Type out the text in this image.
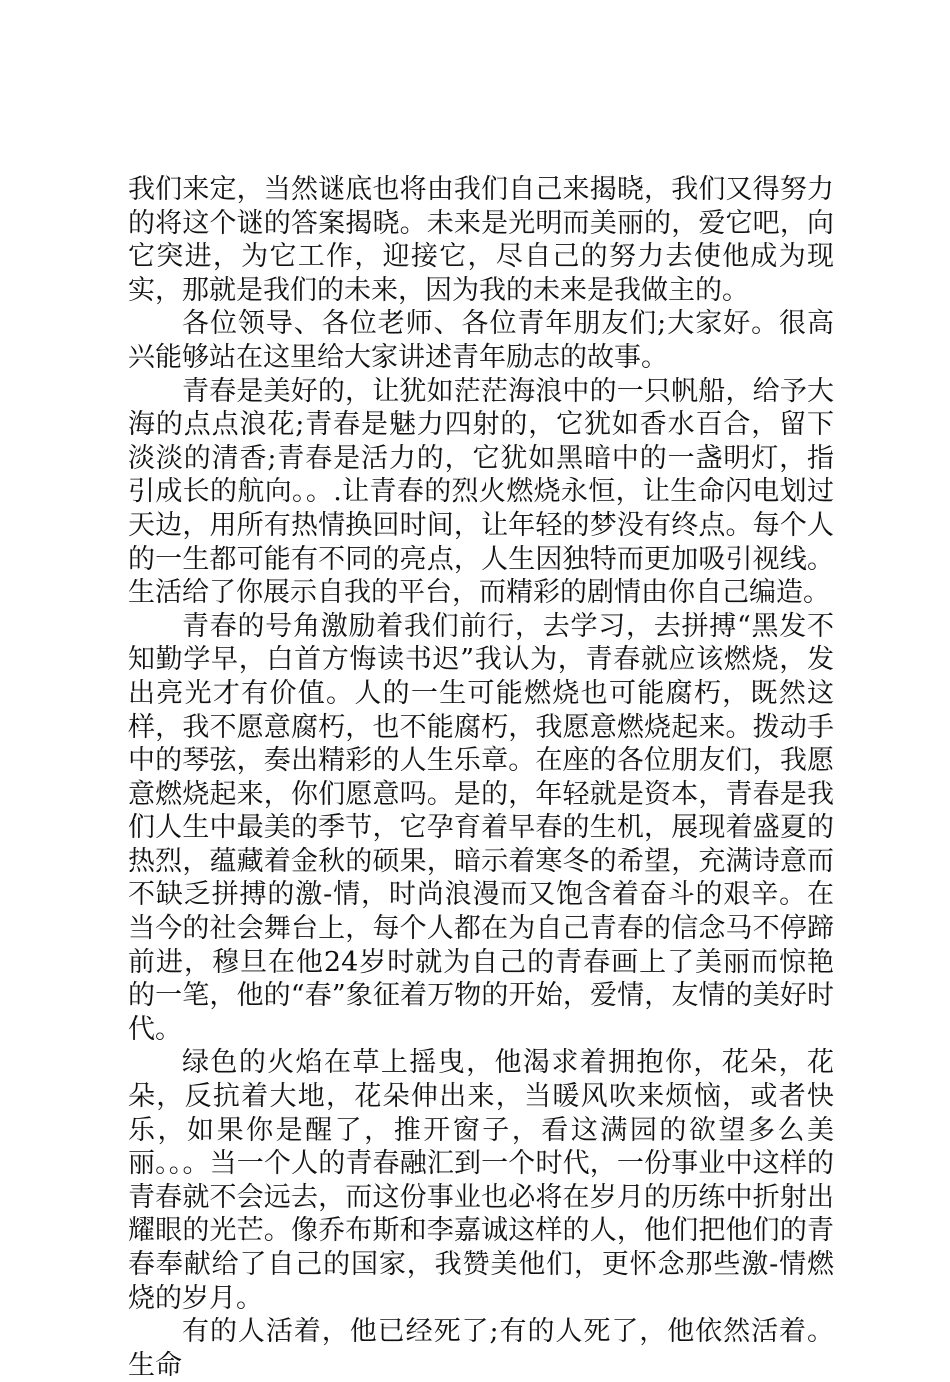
我们来定，当然谜底也将由我们自己来揭晓，我们又得努力的将这个谜的答案揭晓。未来是光明而美丽的，爱它吧，向它突进，为它工作，迎接它，尽自己的努力去使他成为现实，那就是我们的未来，因为我的未来是我做主的。

各位领导、各位老师、各位青年朋友们;大家好。很高兴能够站在这里给大家讲述青年励志的故事。

青春是美好的，让犹如茫茫海浪中的一只帆船，给予大海的点点浪花;青春是魅力四射的，它犹如香水百合，留下淡淡的清香;青春是活力的，它犹如黑暗中的一盏明灯，指引成长的航向。。.让青春的烈火燃烧永恒，让生命闪电划过天边，用所有热情换回时间，让年轻的梦没有终点。每个人的一生都可能有不同的亮点，人生因独特而更加吸引视线。生活给了你展示自我的平台，而精彩的剧情由你自己编造。

青春的号角激励着我们前行，去学习，去拼搏“黑发不知勤学早，白首方悔读书迟”我认为，青春就应该燃烧，发出亮光才有价值。人的一生可能燃烧也可能腐朽，既然这样，我不愿意腐朽，也不能腐朽，我愿意燃烧起来。拨动手中的琴弦，奏出精彩的人生乐章。在座的各位朋友们，我愿意燃烧起来，你们愿意吗。是的，年轻就是资本，青春是我们人生中最美的季节，它孕育着早春的生机，展现着盛夏的热烈，蕴藏着金秋的硕果，暗示着寒冬的希望，充满诗意而不缺乏拼搏的激-情，时尚浪漫而又饱含着奋斗的艰辛。在当今的社会舞台上，每个人都在为自己青春的信念马不停蹄前进，穆旦在他24岁时就为自己的青春画上了美丽而惊艳的一笔，他的“春”象征着万物的开始，爱情，友情的美好时代。

绿色的火焰在草上摇曳，他渴求着拥抱你，花朵，花朵，反抗着大地，花朵伸出来，当暖风吹来烦恼，或者快乐，如果你是醒了，推开窗子，看这满园的欲望多么美丽。。。当一个人的青春融汇到一个时代，一份事业中这样的青春就不会远去，而这份事业也必将在岁月的历练中折射出耀眼的光芒。像乔布斯和李嘉诚这样的人，他们把他们的青春奉献给了自己的国家，我赞美他们，更怀念那些激-情燃烧的岁月。

有的人活着，他已经死了;有的人死了，他依然活着。生命
